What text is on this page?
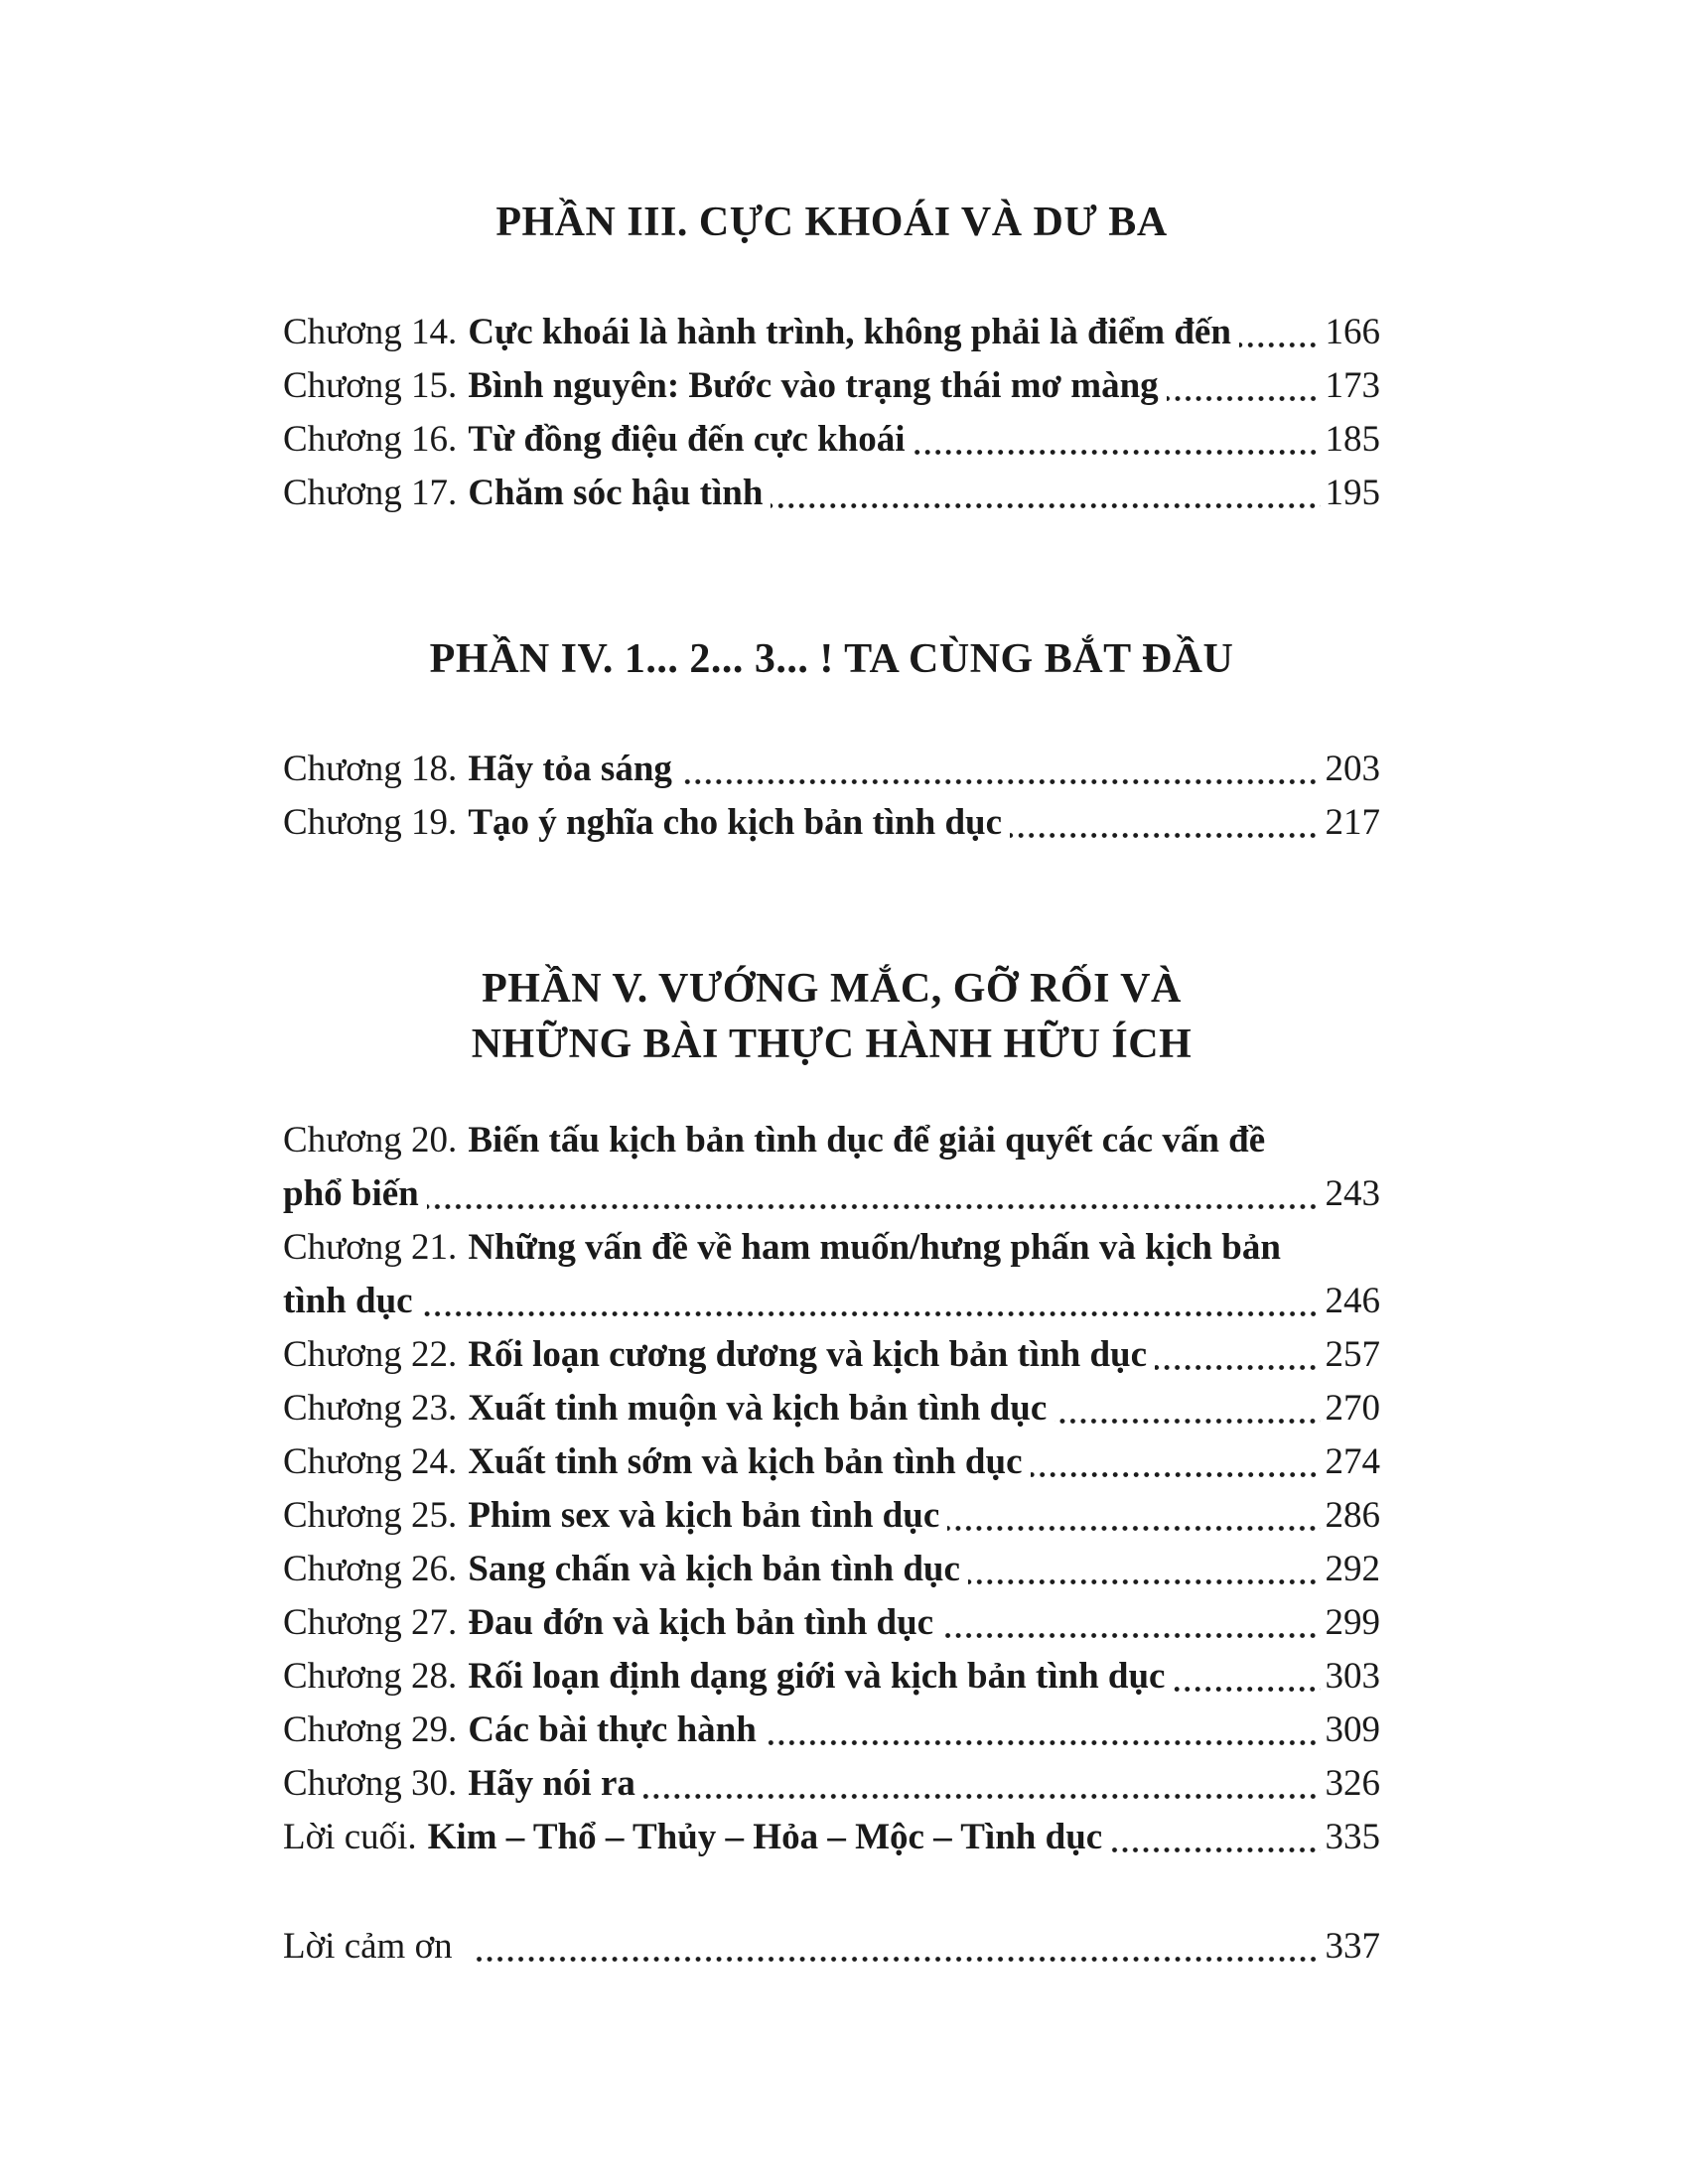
PHẦN III. CỰC KHOÁI VÀ DƯ BA
Chương 14. Cực khoái là hành trình, không phải là điểm đến	166
Chương 15. Bình nguyên: Bước vào trạng thái mơ màng	173
Chương 16. Từ đồng điệu đến cực khoái	185
Chương 17. Chăm sóc hậu tình	195
PHẦN IV. 1... 2... 3... ! TA CÙNG BẮT ĐẦU
Chương 18. Hãy tỏa sáng	203
Chương 19. Tạo ý nghĩa cho kịch bản tình dục	217
PHẦN V. VƯỚNG MẮC, GỠ RỐI VÀ
NHỮNG BÀI THỰC HÀNH HỮU ÍCH
Chương 20. Biến tấu kịch bản tình dục để giải quyết các vấn đề
phổ biến	243
Chương 21. Những vấn đề về ham muốn/hưng phấn và kịch bản
tình dục	246
Chương 22. Rối loạn cương dương và kịch bản tình dục	257
Chương 23. Xuất tinh muộn và kịch bản tình dục	270
Chương 24. Xuất tinh sớm và kịch bản tình dục	274
Chương 25. Phim sex và kịch bản tình dục	286
Chương 26. Sang chấn và kịch bản tình dục	292
Chương 27. Đau đớn và kịch bản tình dục	299
Chương 28. Rối loạn định dạng giới và kịch bản tình dục	303
Chương 29. Các bài thực hành	309
Chương 30. Hãy nói ra	326
Lời cuối. Kim – Thổ – Thủy – Hỏa – Mộc – Tình dục	335
Lời cảm ơn	337
